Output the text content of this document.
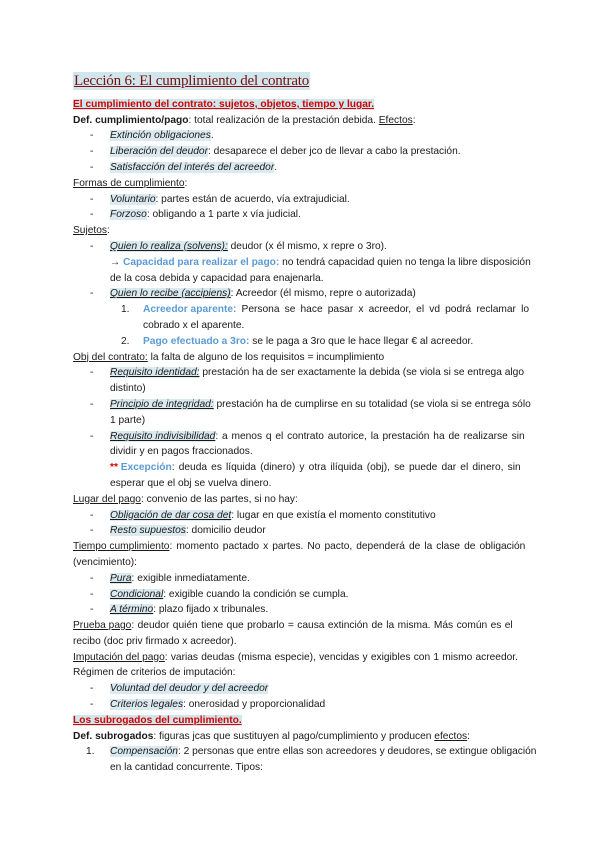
Lección 6: El cumplimiento del contrato
El cumplimiento del contrato: sujetos, objetos, tiempo y lugar.
Def. cumplimiento/pago: total realización de la prestación debida. Efectos:
- Extinción obligaciones.
- Liberación del deudor: desaparece el deber jco de llevar a cabo la prestación.
- Satisfacción del interés del acreedor.
Formas de cumplimiento:
- Voluntario: partes están de acuerdo, vía extrajudicial.
- Forzoso: obligando a 1 parte x vía judicial.
Sujetos:
- Quien lo realiza (solvens): deudor (x él mismo, x repre o 3ro).
→ Capacidad para realizar el pago: no tendrá capacidad quien no tenga la libre disposición
de la cosa debida y capacidad para enajenarla.
- Quien lo recibe (accipiens): Acreedor (él mismo, repre o autorizada)
1. Acreedor aparente: Persona se hace pasar x acreedor, el vd podrá reclamar lo
cobrado x el aparente.
2. Pago efectuado a 3ro: se le paga a 3ro que le hace llegar € al acreedor.
Obj del contrato: la falta de alguno de los requisitos = incumplimiento
- Requisito identidad: prestación ha de ser exactamente la debida (se viola si se entrega algo
distinto)
- Principio de integridad: prestación ha de cumplirse en su totalidad (se viola si se entrega sólo
1 parte)
- Requisito indivisibilidad: a menos q el contrato autorice, la prestación ha de realizarse sin
dividir y en pagos fraccionados.
** Excepción: deuda es líquida (dinero) y otra ilíquida (obj), se puede dar el dinero, sin
esperar que el obj se vuelva dinero.
Lugar del pago: convenio de las partes, si no hay:
- Obligación de dar cosa det: lugar en que existía el momento constitutivo
- Resto supuestos: domicilio deudor
Tiempo cumplimiento: momento pactado x partes. No pacto, dependerá de la clase de obligación
(vencimiento):
- Pura: exigible inmediatamente.
- Condicional: exigible cuando la condición se cumpla.
- A término: plazo fijado x tribunales.
Prueba pago: deudor quién tiene que probarlo = causa extinción de la misma. Más común es el
recibo (doc priv firmado x acreedor).
Imputación del pago: varias deudas (misma especie), vencidas y exigibles con 1 mismo acreedor.
Régimen de criterios de imputación:
- Voluntad del deudor y del acreedor
- Criterios legales: onerosidad y proporcionalidad
Los subrogados del cumplimiento.
Def. subrogados: figuras jcas que sustituyen al pago/cumplimiento y producen efectos:
1. Compensación: 2 personas que entre ellas son acreedores y deudores, se extingue obligación
en la cantidad concurrente. Tipos:
